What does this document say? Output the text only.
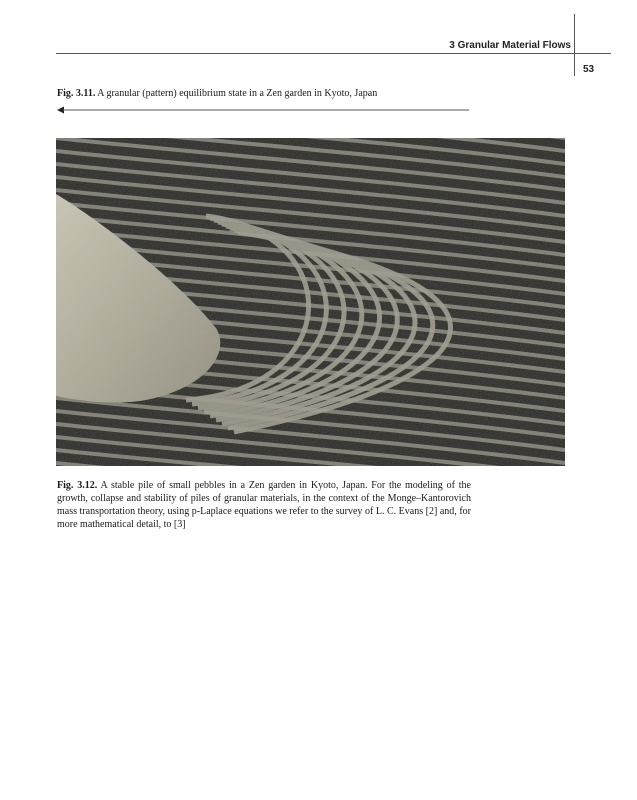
3 Granular Material Flows
53
Fig. 3.11. A granular (pattern) equilibrium state in a Zen garden in Kyoto, Japan
Fig. 3.12. A stable pile of small pebbles in a Zen garden in Kyoto, Japan. For the modeling of the growth, collapse and stability of piles of granular materials, in the context of the Monge–Kantorovich mass transportation theory, using p-Laplace equations we refer to the survey of L. C. Evans [2] and, for more mathematical detail, to [3]
